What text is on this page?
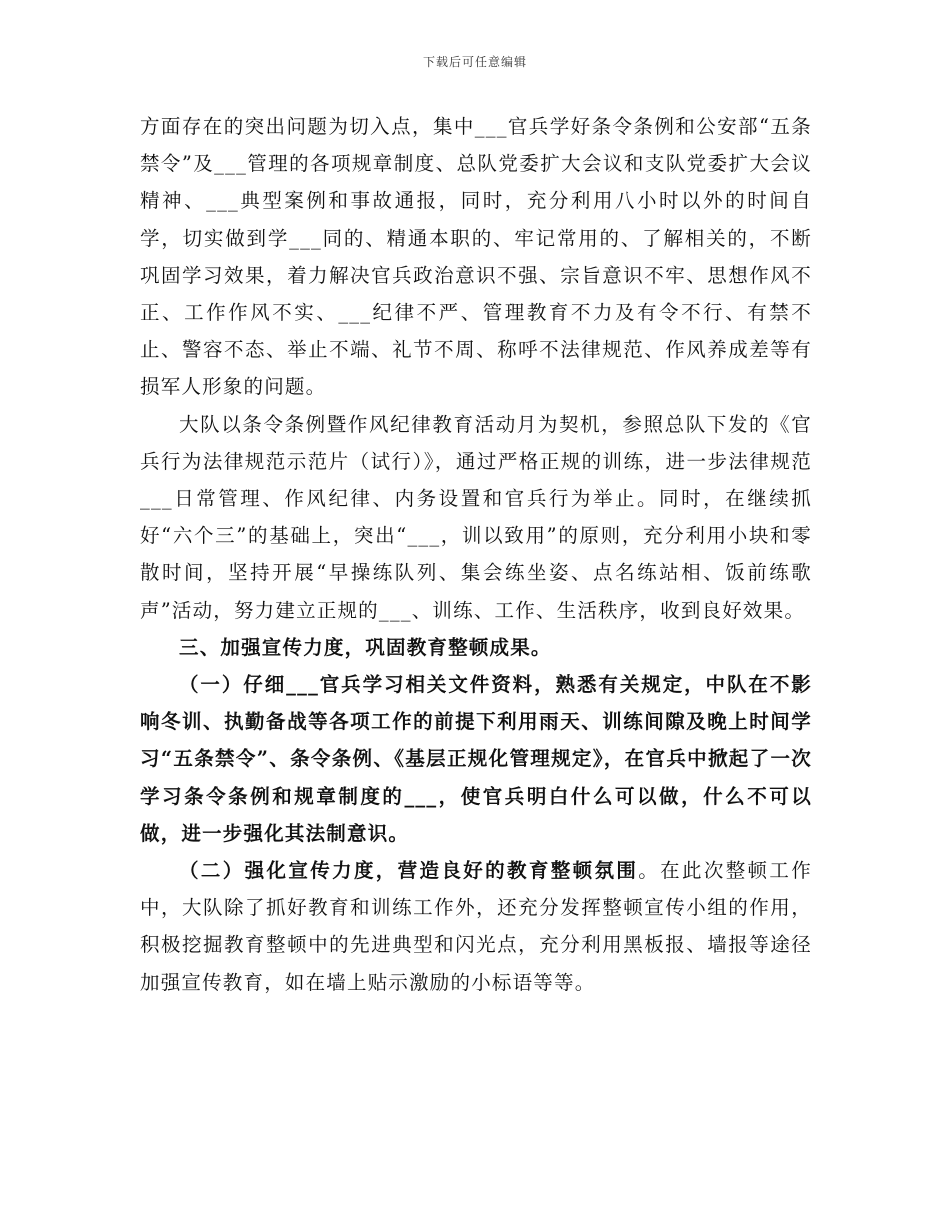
下载后可任意编辑

方面存在的突出问题为切入点，集中___官兵学好条令条例和公安部“五条禁令”及___管理的各项规章制度、总队党委扩大会议和支队党委扩大会议精神、___典型案例和事故通报，同时，充分利用八小时以外的时间自学，切实做到学___同的、精通本职的、牢记常用的、了解相关的，不断巩固学习效果，着力解决官兵政治意识不强、宗旨意识不牢、思想作风不正、工作作风不实、___纪律不严、管理教育不力及有令不行、有禁不止、警容不态、举止不端、礼节不周、称呼不法律规范、作风养成差等有损军人形象的问题。

大队以条令条例暨作风纪律教育活动月为契机，参照总队下发的《官兵行为法律规范示范片（试行）》，通过严格正规的训练，进一步法律规范___日常管理、作风纪律、内务设置和官兵行为举止。同时，在继续抓好“六个三”的基础上，突出“___，训以致用”的原则，充分利用小块和零散时间，坚持开展“早操练队列、集会练坐姿、点名练站相、饭前练歌声”活动，努力建立正规的___、训练、工作、生活秩序，收到良好效果。

三、加强宣传力度，巩固教育整顿成果。

（一）仔细___官兵学习相关文件资料，熟悉有关规定，中队在不影响冬训、执勤备战等各项工作的前提下利用雨天、训练间隙及晚上时间学习“五条禁令”、条令条例、《基层正规化管理规定》，在官兵中掀起了一次学习条令条例和规章制度的___，使官兵明白什么可以做，什么不可以做，进一步强化其法制意识。

（二）强化宣传力度，营造良好的教育整顿氛围。在此次整顿工作中，大队除了抓好教育和训练工作外，还充分发挥整顿宣传小组的作用，积极挖掘教育整顿中的先进典型和闪光点，充分利用黑板报、墙报等途径加强宣传教育，如在墙上贴示激励的小标语等等。
